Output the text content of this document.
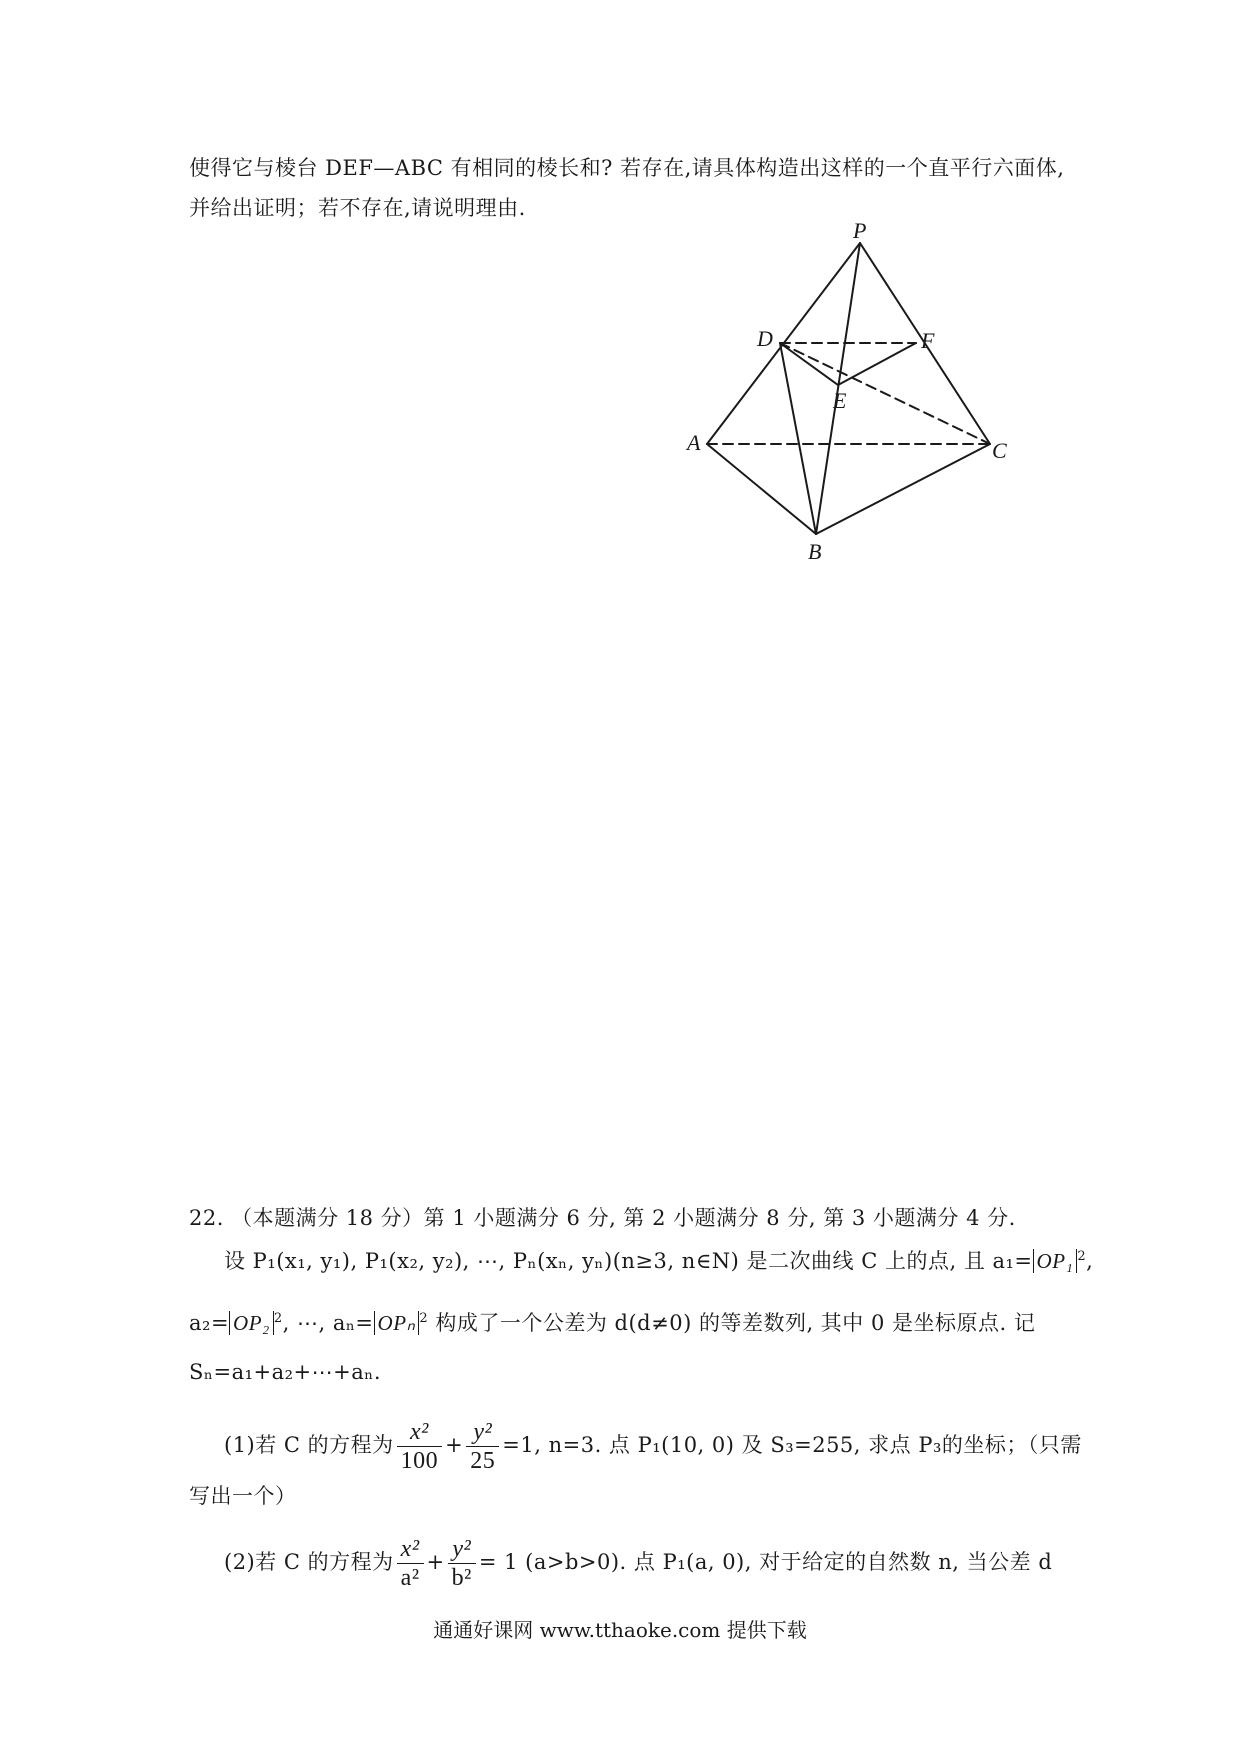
使得它与棱台 DEF—ABC 有相同的棱长和? 若存在,请具体构造出这样的一个直平行六面体,
并给出证明；若不存在,请说明理由.
P
D	F
E
A	C
B
22. （本题满分 18 分）第 1 小题满分 6 分, 第 2 小题满分 8 分, 第 3 小题满分 4 分.
设 P₁(x₁, y₁), P₁(x₂, y₂), ⋯, Pₙ(xₙ, yₙ)(n≥3, n∈N) 是二次曲线 C 上的点, 且 a₁= OP₁ $^2$,
a₂= OP₂ $^2$, ⋯, aₙ= OPₙ $^2$ 构成了一个公差为 d(d≠0) 的等差数列, 其中 0 是坐标原点. 记
Sₙ=a₁+a₂+⋯+aₙ.
(1)若 C 的方程为 $\frac{\text{x²}}{100} + \frac{\text{y²}}{25} =1$, n=3. 点 P₁(10, 0) 及 S₃=255, 求点 P₃的坐标；（只需
写出一个）
(2)若 C 的方程为 $\frac{\text{x²}}{\text{a²}} + \frac{\text{y²}}{\text{b²}} = 1$ (a>b>0). 点 P₁(a, 0), 对于给定的自然数 n, 当公差 d
通通好课网 www.tthaoke.com 提供下载
